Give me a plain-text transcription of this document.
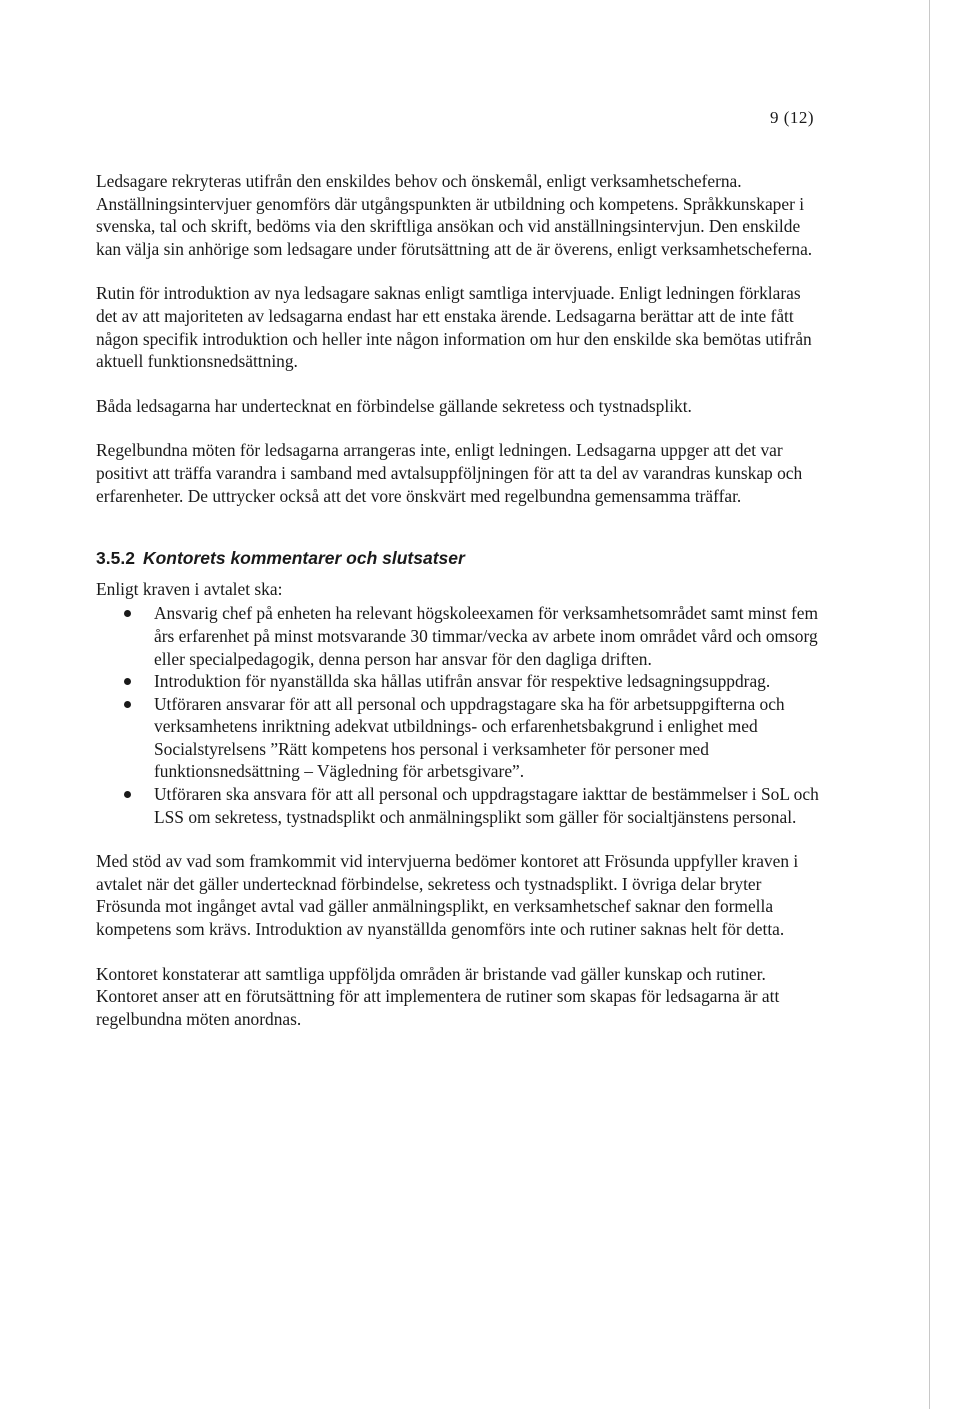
9 (12)

Ledsagare rekryteras utifrån den enskildes behov och önskemål, enligt verksamhetscheferna. Anställningsintervjuer genomförs där utgångspunkten är utbildning och kompetens. Språkkunskaper i svenska, tal och skrift, bedöms via den skriftliga ansökan och vid anställningsintervjun. Den enskilde kan välja sin anhörige som ledsagare under förutsättning att de är överens, enligt verksamhetscheferna.

Rutin för introduktion av nya ledsagare saknas enligt samtliga intervjuade. Enligt ledningen förklaras det av att majoriteten av ledsagarna endast har ett enstaka ärende. Ledsagarna berättar att de inte fått någon specifik introduktion och heller inte någon information om hur den enskilde ska bemötas utifrån aktuell funktionsnedsättning.

Båda ledsagarna har undertecknat en förbindelse gällande sekretess och tystnadsplikt.

Regelbundna möten för ledsagarna arrangeras inte, enligt ledningen. Ledsagarna uppger att det var positivt att träffa varandra i samband med avtalsuppföljningen för att ta del av varandras kunskap och erfarenheter. De uttrycker också att det vore önskvärt med regelbundna gemensamma träffar.

3.5.2 Kontorets kommentarer och slutsatser

Enligt kraven i avtalet ska:

Ansvarig chef på enheten ha relevant högskoleexamen för verksamhetsområdet samt minst fem års erfarenhet på minst motsvarande 30 timmar/vecka av arbete inom området vård och omsorg eller specialpedagogik, denna person har ansvar för den dagliga driften.
Introduktion för nyanställda ska hållas utifrån ansvar för respektive ledsagningsuppdrag.
Utföraren ansvarar för att all personal och uppdragstagare ska ha för arbetsuppgifterna och verksamhetens inriktning adekvat utbildnings- och erfarenhetsbakgrund i enlighet med Socialstyrelsens ”Rätt kompetens hos personal i verksamheter för personer med funktionsnedsättning – Vägledning för arbetsgivare”.
Utföraren ska ansvara för att all personal och uppdragstagare iakttar de bestämmelser i SoL och LSS om sekretess, tystnadsplikt och anmälningsplikt som gäller för socialtjänstens personal.

Med stöd av vad som framkommit vid intervjuerna bedömer kontoret att Frösunda uppfyller kraven i avtalet när det gäller undertecknad förbindelse, sekretess och tystnadsplikt. I övriga delar bryter Frösunda mot ingånget avtal vad gäller anmälningsplikt, en verksamhetschef saknar den formella kompetens som krävs. Introduktion av nyanställda genomförs inte och rutiner saknas helt för detta.

Kontoret konstaterar att samtliga uppföljda områden är bristande vad gäller kunskap och rutiner. Kontoret anser att en förutsättning för att implementera de rutiner som skapas för ledsagarna är att regelbundna möten anordnas.
